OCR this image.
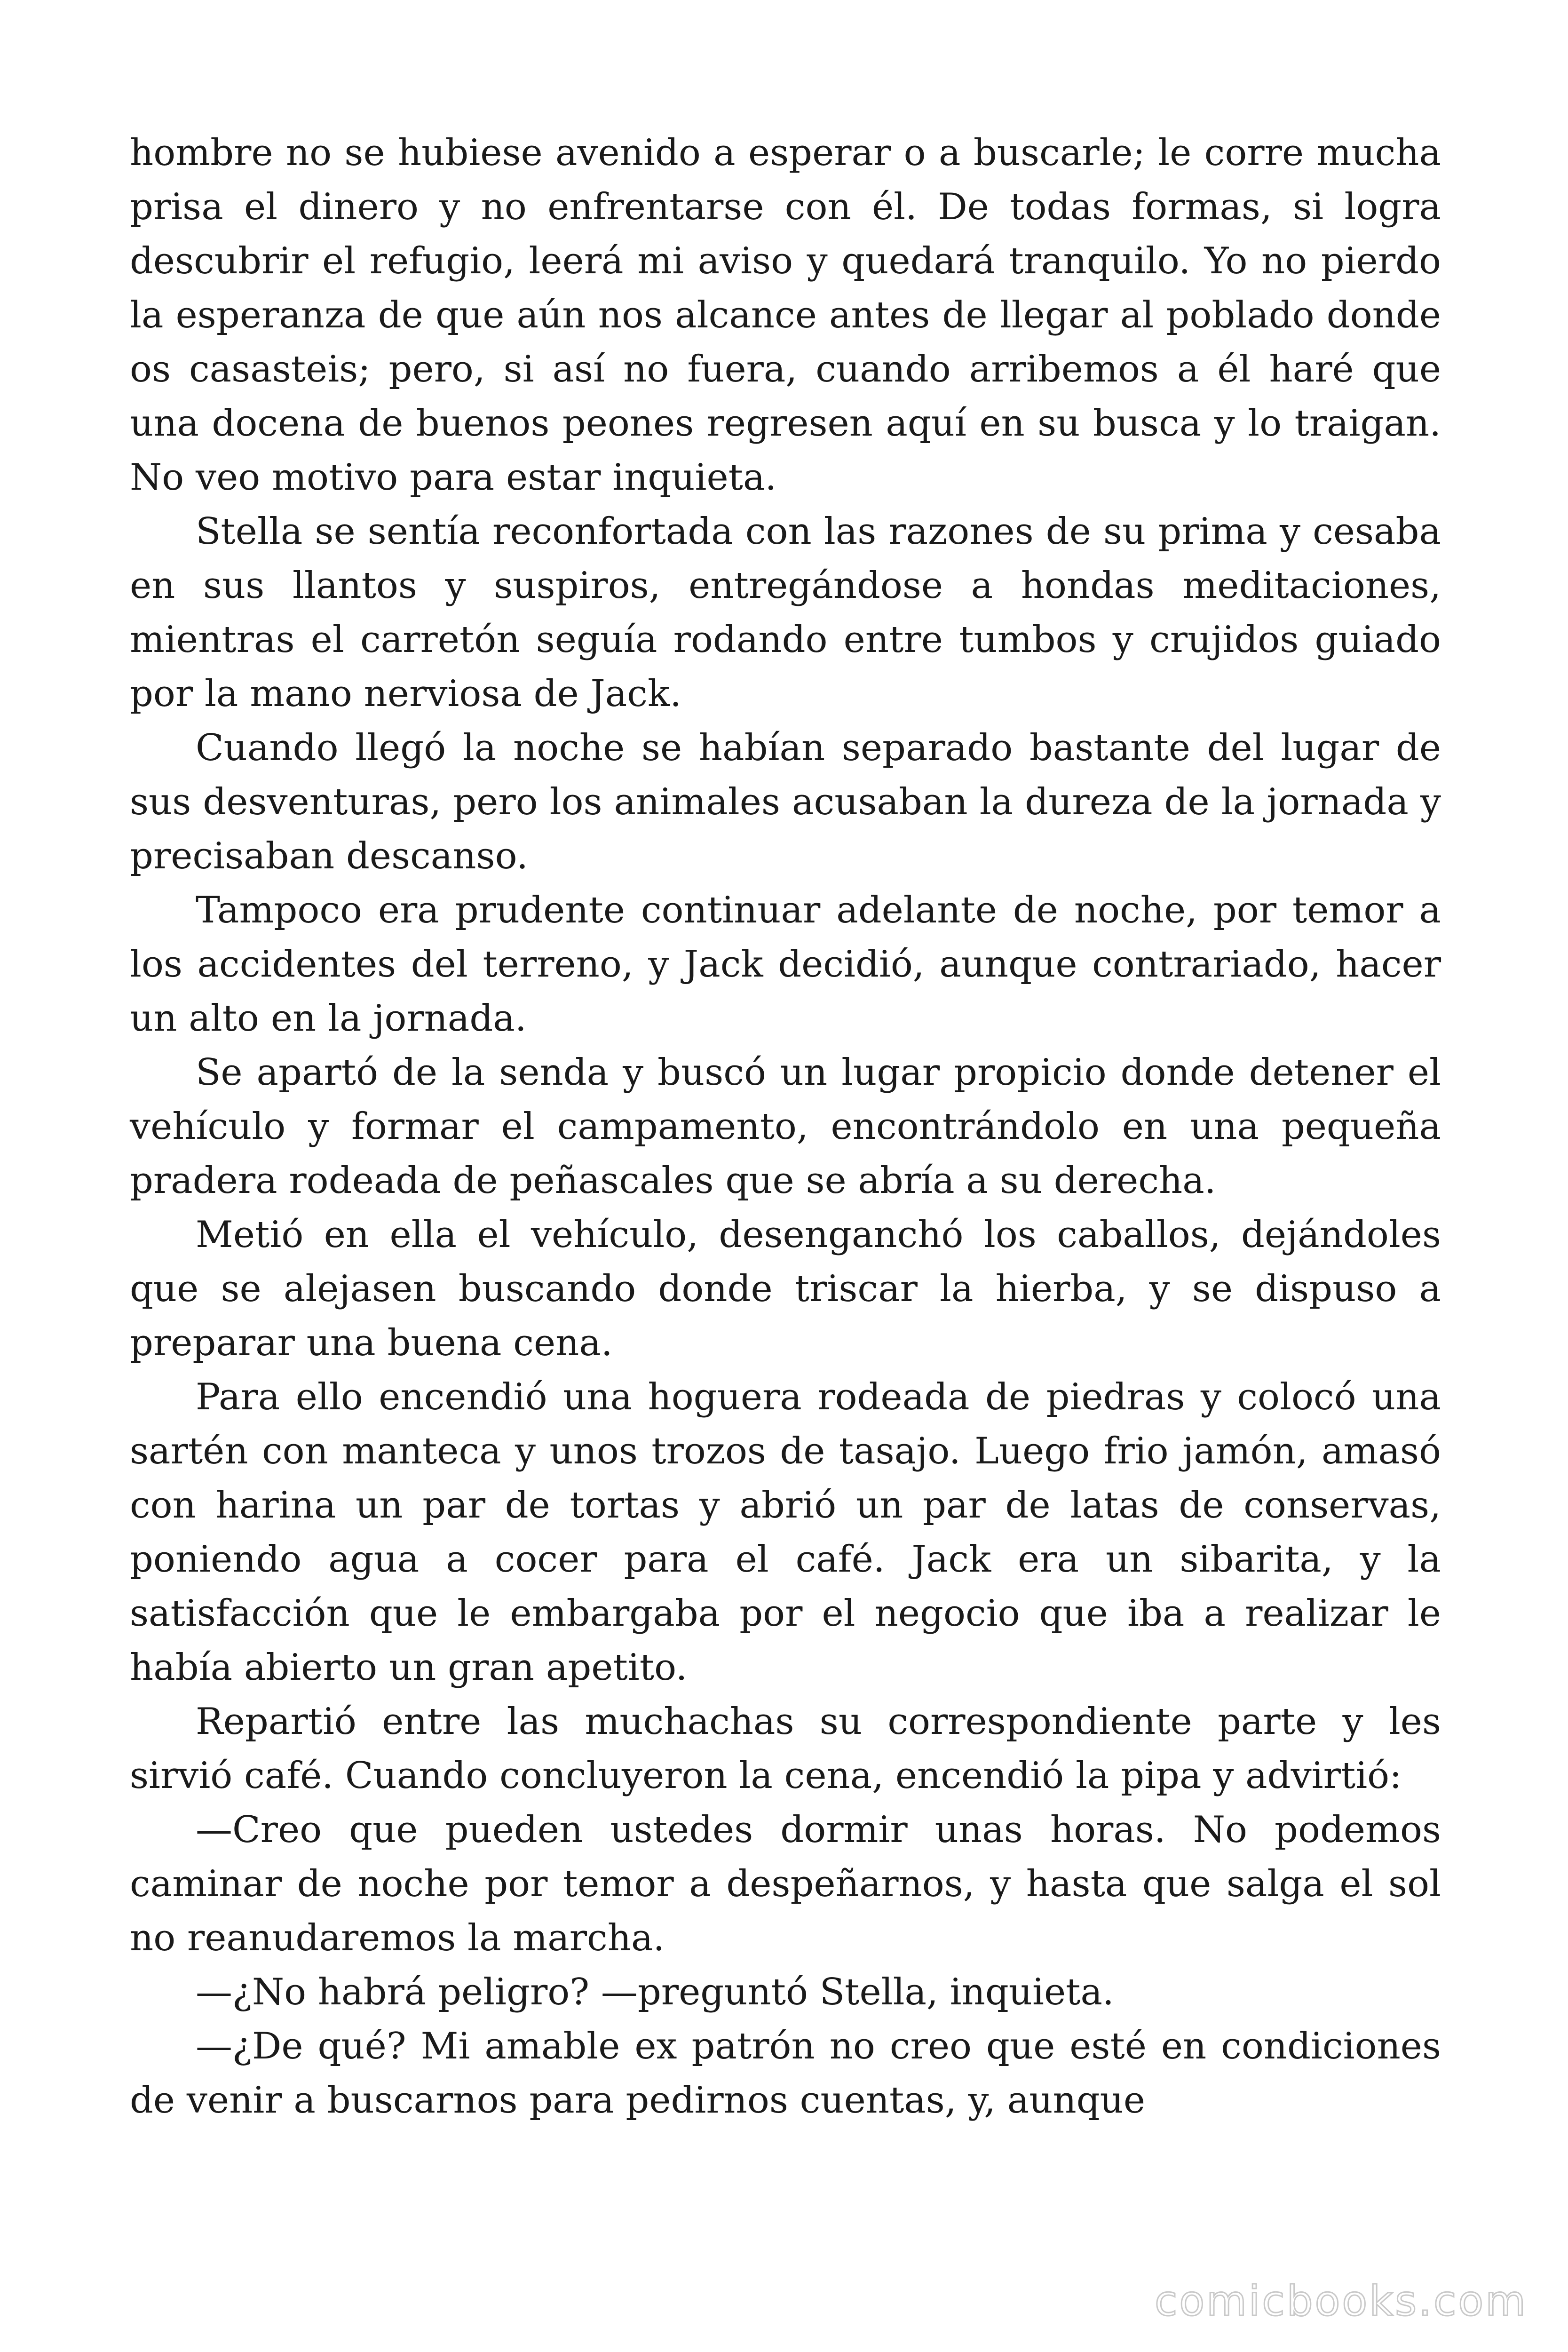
hombre no se hubiese avenido a esperar o a buscarle; le corre mucha prisa el dinero y no enfrentarse con él. De todas formas, si logra descubrir el refugio, leerá mi aviso y quedará tranquilo. Yo no pierdo la esperanza de que aún nos alcance antes de llegar al poblado donde os casasteis; pero, si así no fuera, cuando arribemos a él haré que una docena de buenos peones regresen aquí en su busca y lo traigan. No veo motivo para estar inquieta.

Stella se sentía reconfortada con las razones de su prima y cesaba en sus llantos y suspiros, entregándose a hondas meditaciones, mientras el carretón seguía rodando entre tumbos y crujidos guiado por la mano nerviosa de Jack.

Cuando llegó la noche se habían separado bastante del lugar de sus desventuras, pero los animales acusaban la dureza de la jornada y precisaban descanso.

Tampoco era prudente continuar adelante de noche, por temor a los accidentes del terreno, y Jack decidió, aunque contrariado, hacer un alto en la jornada.

Se apartó de la senda y buscó un lugar propicio donde detener el vehículo y formar el campamento, encontrándolo en una pequeña pradera rodeada de peñascales que se abría a su derecha.

Metió en ella el vehículo, desenganchó los caballos, dejándoles que se alejasen buscando donde triscar la hierba, y se dispuso a preparar una buena cena.

Para ello encendió una hoguera rodeada de piedras y colocó una sartén con manteca y unos trozos de tasajo. Luego frio jamón, amasó con harina un par de tortas y abrió un par de latas de conservas, poniendo agua a cocer para el café. Jack era un sibarita, y la satisfacción que le embargaba por el negocio que iba a realizar le había abierto un gran apetito.

Repartió entre las muchachas su correspondiente parte y les sirvió café. Cuando concluyeron la cena, encendió la pipa y advirtió:

—Creo que pueden ustedes dormir unas horas. No podemos caminar de noche por temor a despeñarnos, y hasta que salga el sol no reanudaremos la marcha.

—¿No habrá peligro? —preguntó Stella, inquieta.

—¿De qué? Mi amable ex patrón no creo que esté en condiciones de venir a buscarnos para pedirnos cuentas, y, aunque

comicbooks.com
